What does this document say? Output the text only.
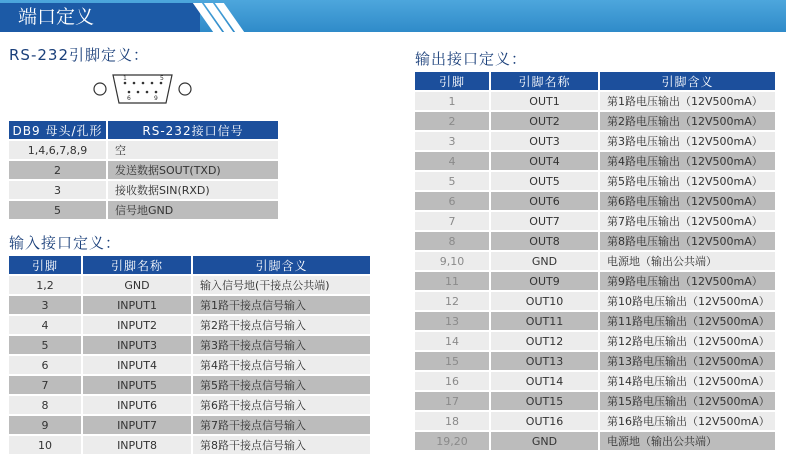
端口定义
RS-232引脚定义：
1	5
6	9
DB9 母头/孔形	RS-232接口信号
1,4,6,7,8,9	空
2	发送数据SOUT(TXD)
3	接收数据SIN(RXD)
5	信号地GND
输入接口定义：
引脚	引脚名称	引脚含义
1,2	GND	输入信号地(干接点公共端)
3	INPUT1	第1路干接点信号输入
4	INPUT2	第2路干接点信号输入
5	INPUT3	第3路干接点信号输入
6	INPUT4	第4路干接点信号输入
7	INPUT5	第5路干接点信号输入
8	INPUT6	第6路干接点信号输入
9	INPUT7	第7路干接点信号输入
10	INPUT8	第8路干接点信号输入
输出接口定义：
引脚	引脚名称	引脚含义
1	OUT1	第1路电压输出（12V500mA）
2	OUT2	第2路电压输出（12V500mA）
3	OUT3	第3路电压输出（12V500mA）
4	OUT4	第4路电压输出（12V500mA）
5	OUT5	第5路电压输出（12V500mA）
6	OUT6	第6路电压输出（12V500mA）
7	OUT7	第7路电压输出（12V500mA）
8	OUT8	第8路电压输出（12V500mA）
9,10	GND	电源地（输出公共端）
11	OUT9	第9路电压输出（12V500mA）
12	OUT10	第10路电压输出（12V500mA）
13	OUT11	第11路电压输出（12V500mA）
14	OUT12	第12路电压输出（12V500mA）
15	OUT13	第13路电压输出（12V500mA）
16	OUT14	第14路电压输出（12V500mA）
17	OUT15	第15路电压输出（12V500mA）
18	OUT16	第16路电压输出（12V500mA）
19,20	GND	电源地（输出公共端）
